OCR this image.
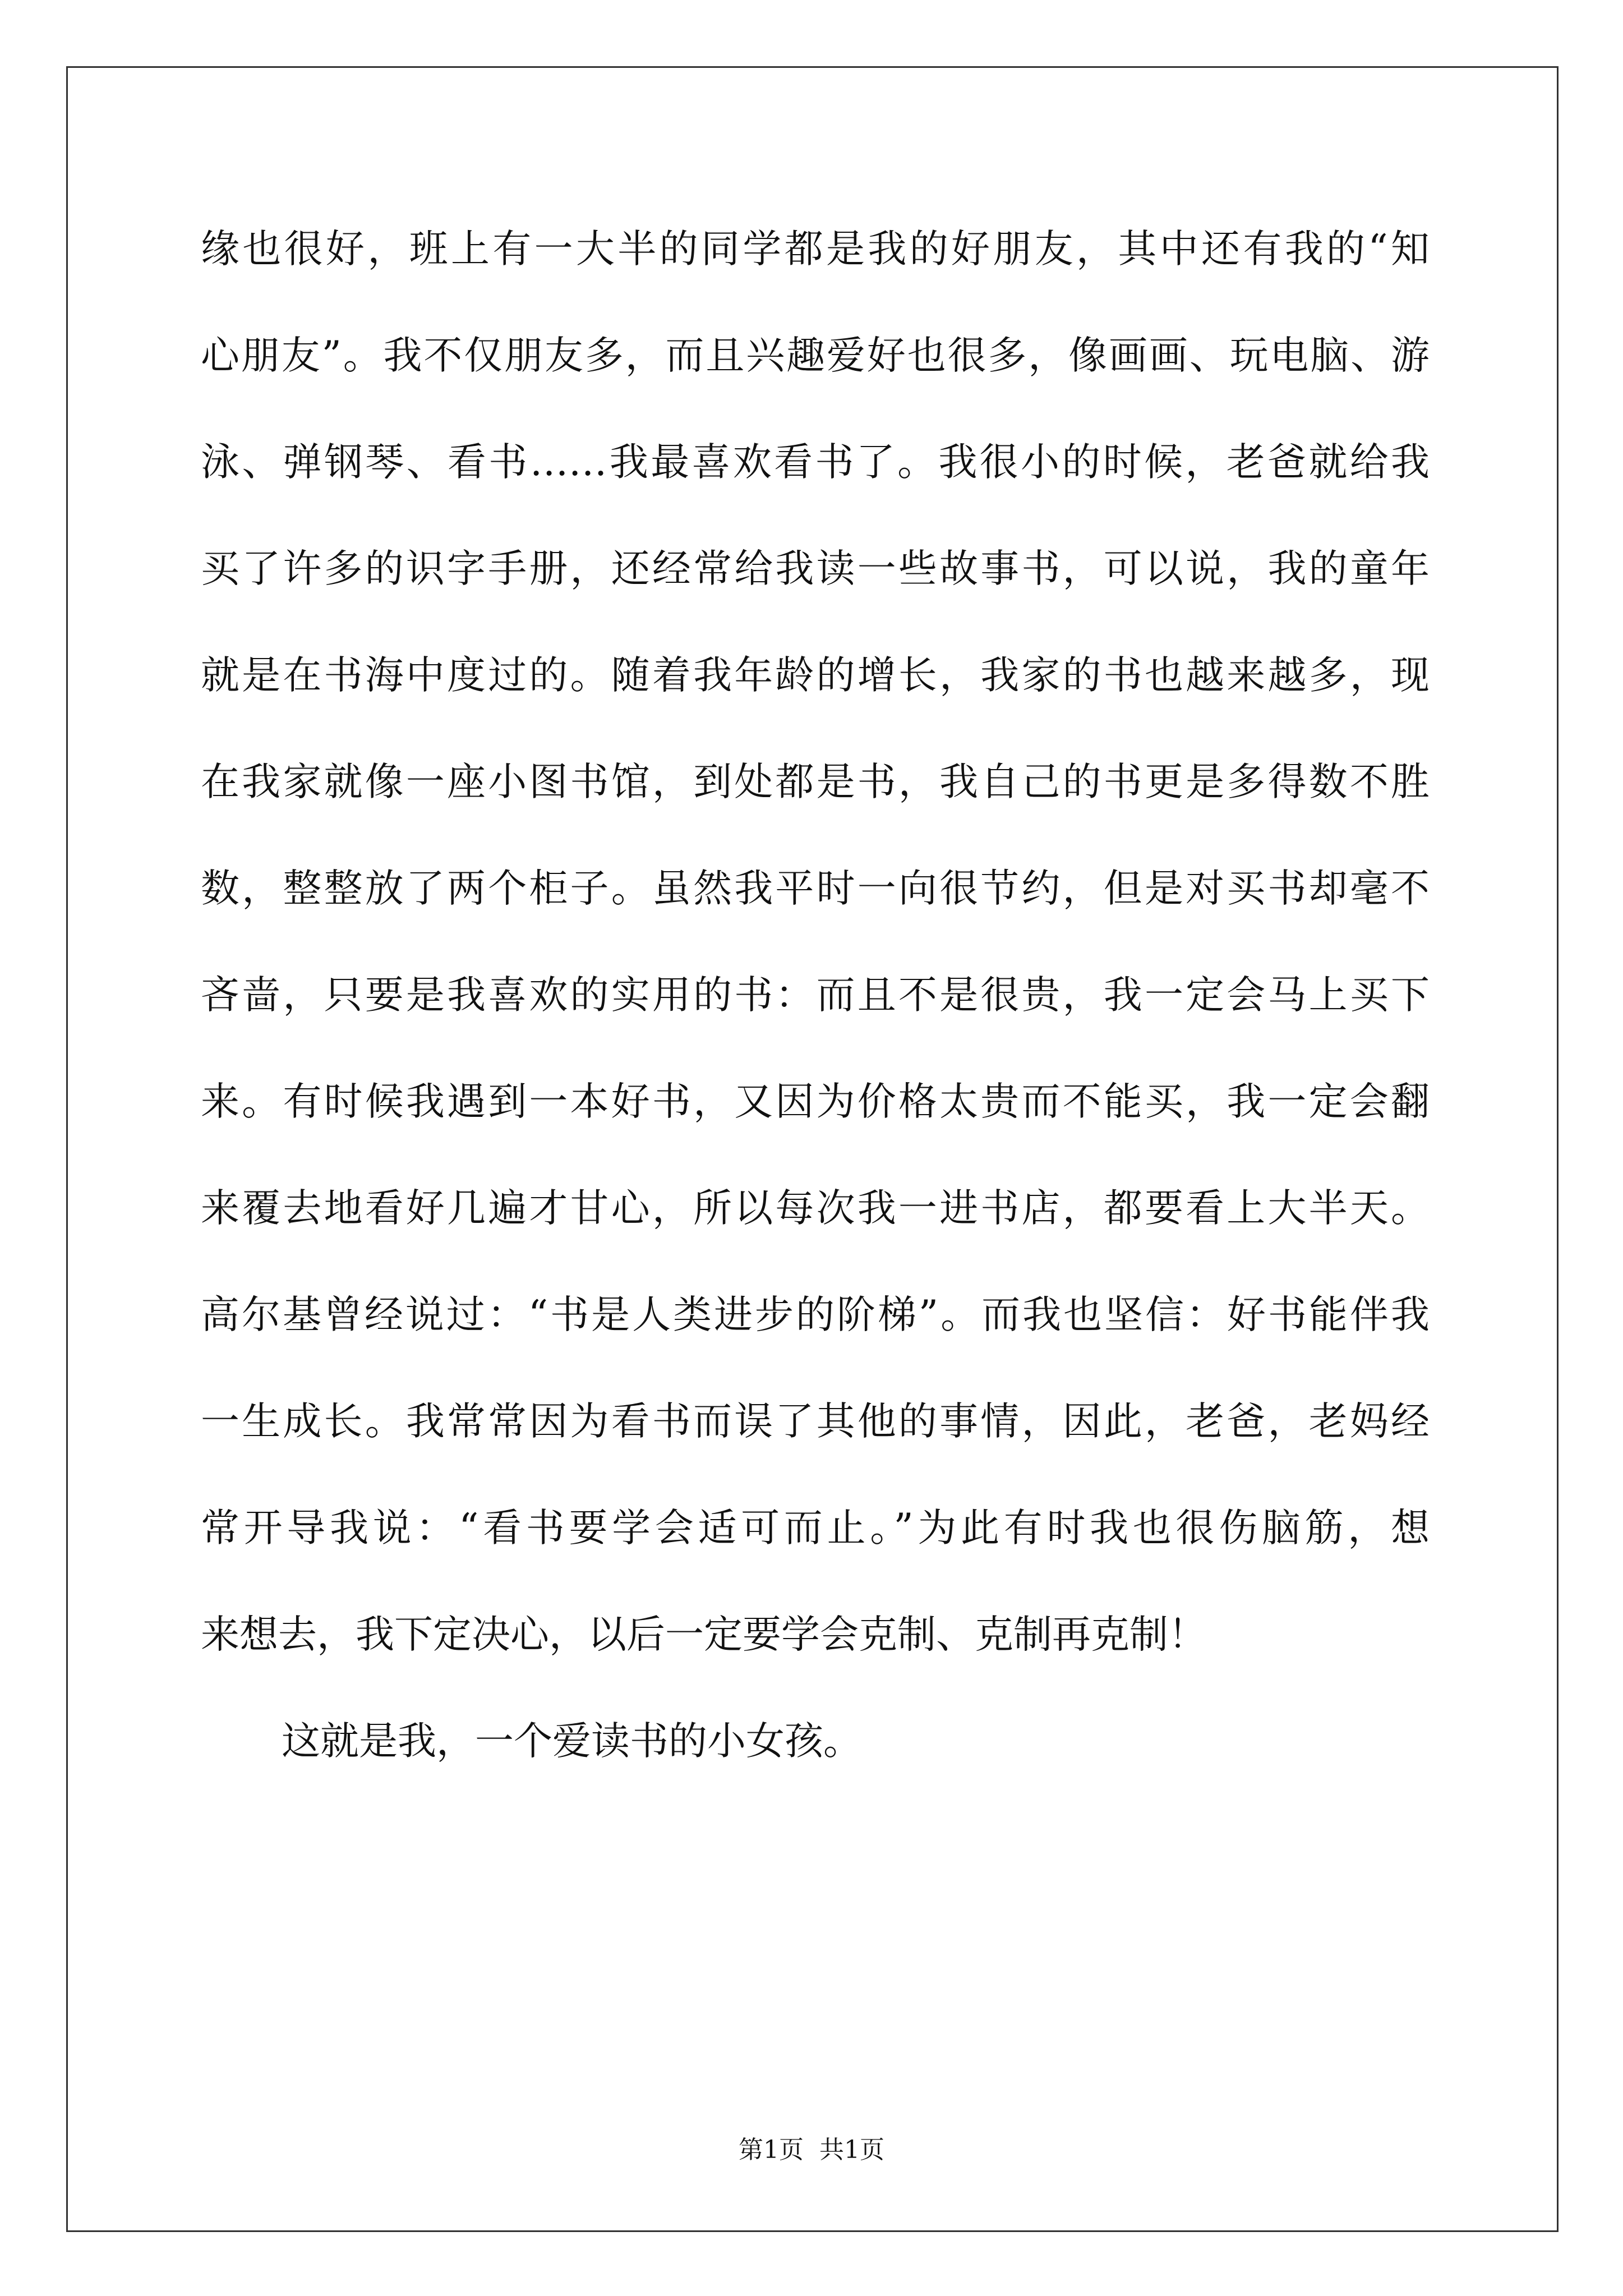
缘也很好，班上有一大半的同学都是我的好朋友，其中还有我的“知
心朋友”。我不仅朋友多，而且兴趣爱好也很多，像画画、玩电脑、游
泳、弹钢琴、看书……我最喜欢看书了。我很小的时候，老爸就给我
买了许多的识字手册，还经常给我读一些故事书，可以说，我的童年
就是在书海中度过的。随着我年龄的增长，我家的书也越来越多，现
在我家就像一座小图书馆，到处都是书，我自己的书更是多得数不胜
数，整整放了两个柜子。虽然我平时一向很节约，但是对买书却毫不
吝啬，只要是我喜欢的实用的书：而且不是很贵，我一定会马上买下
来。有时候我遇到一本好书，又因为价格太贵而不能买，我一定会翻
来覆去地看好几遍才甘心，所以每次我一进书店，都要看上大半天。
高尔基曾经说过：“书是人类进步的阶梯”。而我也坚信：好书能伴我
一生成长。我常常因为看书而误了其他的事情，因此，老爸，老妈经
常开导我说：“看书要学会适可而止。”为此有时我也很伤脑筋，想
来想去，我下定决心，以后一定要学会克制、克制再克制！
这就是我，一个爱读书的小女孩。
第1页  共1页
